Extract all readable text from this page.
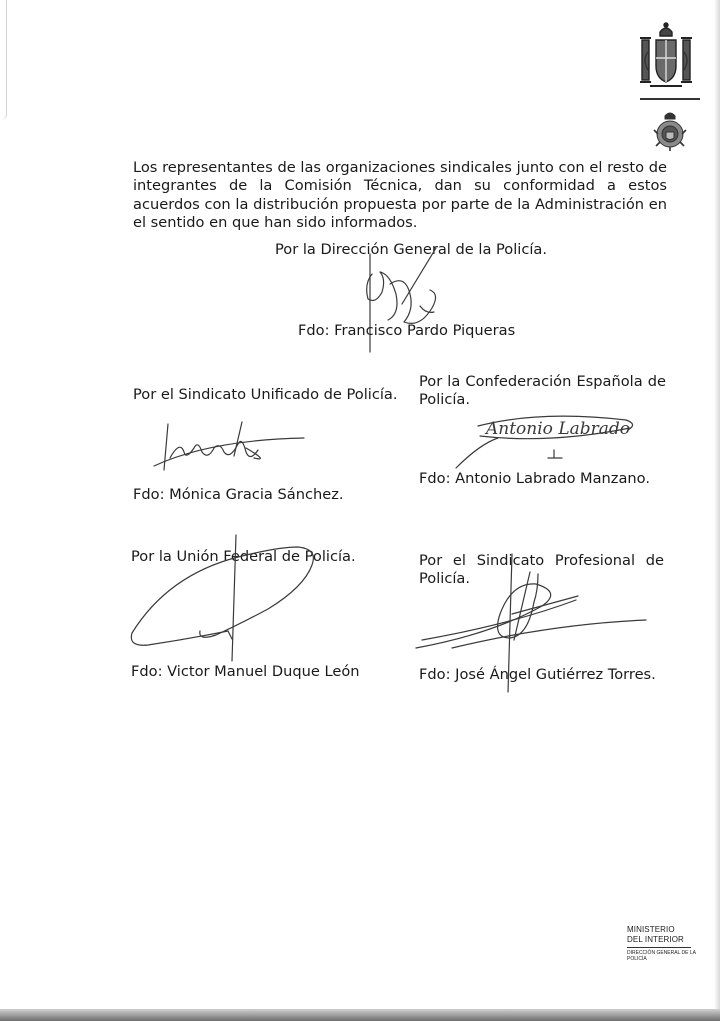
Los representantes de las organizaciones sindicales junto con el resto de integrantes de la Comisión Técnica, dan su conformidad a estos acuerdos con la distribución propuesta por parte de la Administración en el sentido en que han sido informados.

Por la Dirección General de la Policía.

Fdo: Francisco Pardo Piqueras

Por el Sindicato Unificado de Policía.

Fdo: Mónica Gracia Sánchez.

Por la Confederación Española de Policía.

Antonio Labrado

Fdo: Antonio Labrado Manzano.

Por la Unión Federal de Policía.

Fdo: Victor Manuel Duque León

Por el Sindicato Profesional de Policía.

Fdo: José Ángel Gutiérrez Torres.

MINISTERIO
DEL INTERIOR
DIRECCIÓN GENERAL DE LA POLICÍA
